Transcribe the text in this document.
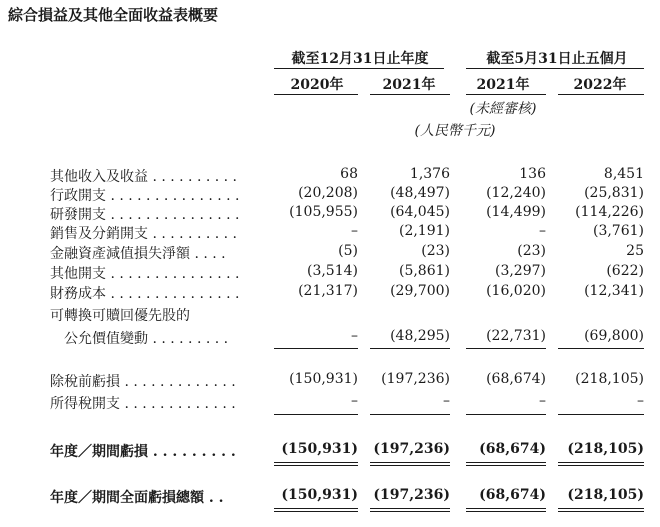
綜合損益及其他全面收益表概要
截至12月31日止年度	截至5月31日止五個月
2020年	2021年	2021年	2022年
(未經審核)
(人民幣千元)
其他收入及收益 . . . . . . . . . .	68	1,376	136	8,451
行政開支 . . . . . . . . . . . . . . .	(20,208)	(48,497)	(12,240)	(25,831)
研發開支 . . . . . . . . . . . . . . .	(105,955)	(64,045)	(14,499)	(114,226)
銷售及分銷開支 . . . . . . . . . .	–	(2,191)	–	(3,761)
金融資產減值損失淨額 . . . .	(5)	(23)	(23)	25
其他開支 . . . . . . . . . . . . . . .	(3,514)	(5,861)	(3,297)	(622)
財務成本 . . . . . . . . . . . . . . .	(21,317)	(29,700)	(16,020)	(12,341)
可轉換可贖回優先股的
　公允價值變動 . . . . . . . . .	–	(48,295)	(22,731)	(69,800)
除稅前虧損 . . . . . . . . . . . . .	(150,931)	(197,236)	(68,674)	(218,105)
所得稅開支 . . . . . . . . . . . . .	–	–	–	–
年度／期間虧損 . . . . . . . . .	(150,931)	(197,236)	(68,674)	(218,105)
年度／期間全面虧損總額 . .	(150,931)	(197,236)	(68,674)	(218,105)
